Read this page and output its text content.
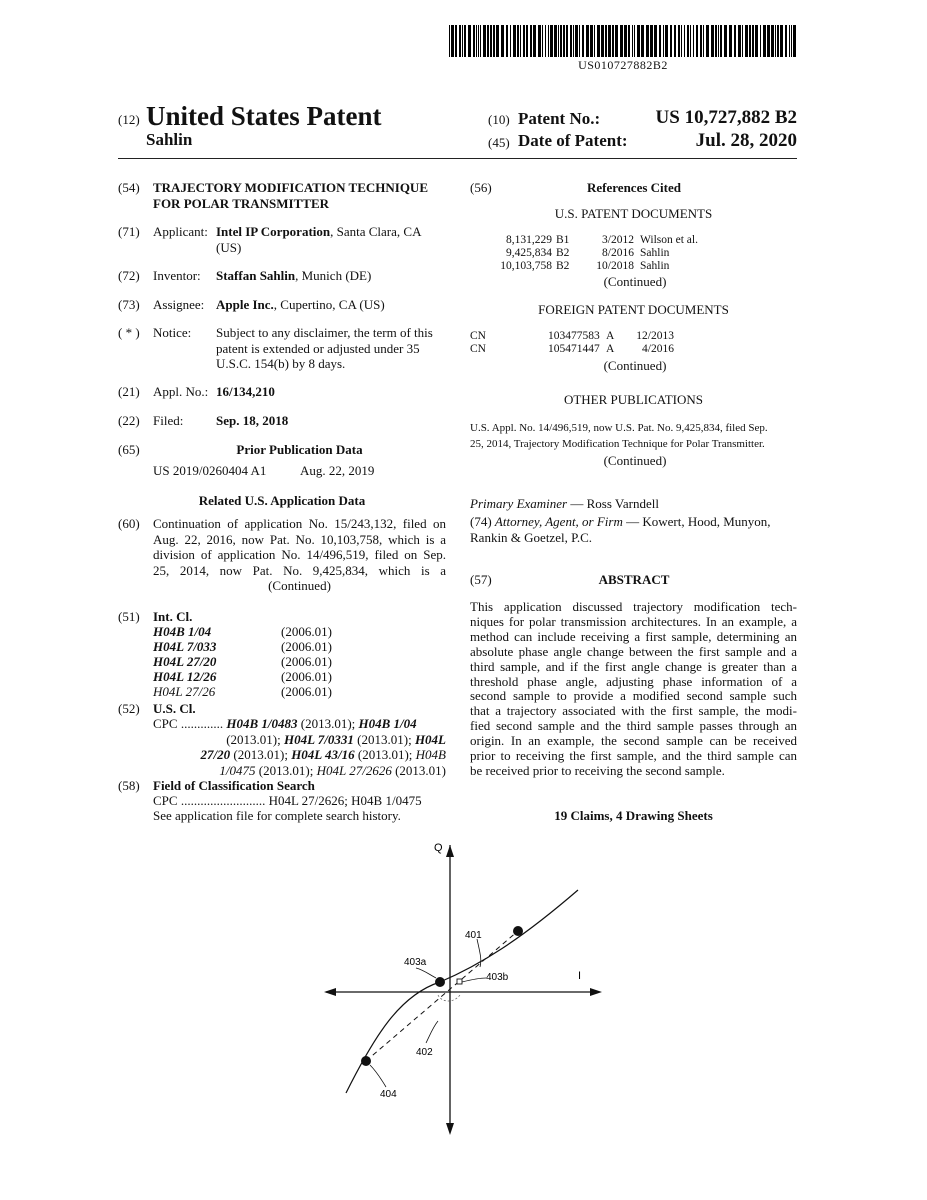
US010727882B2
(12) United States Patent
Sahlin
(10) Patent No.:	US 10,727,882 B2
(45) Date of Patent:	Jul. 28, 2020
(54)	TRAJECTORY MODIFICATION TECHNIQUE
FOR POLAR TRANSMITTER
(71)	Applicant: Intel IP Corporation, Santa Clara, CA
(US)
(72)	Inventor: Staffan Sahlin, Munich (DE)
(73)	Assignee: Apple Inc., Cupertino, CA (US)
( * )	Notice: Subject to any disclaimer, the term of this
patent is extended or adjusted under 35
U.S.C. 154(b) by 8 days.
(21)	Appl. No.: 16/134,210
(22)	Filed:	Sep. 18, 2018
(65)	Prior Publication Data
US 2019/0260404 A1	Aug. 22, 2019
Related U.S. Application Data
(60)	Continuation of application No. 15/243,132, filed on
Aug. 22, 2016, now Pat. No. 10,103,758, which is a
division of application No. 14/496,519, filed on Sep.
25, 2014, now Pat. No. 9,425,834, which is a
(Continued)
(51)	Int. Cl.
H04B 1/04	(2006.01)
H04L 7/033	(2006.01)
H04L 27/20	(2006.01)
H04L 12/26	(2006.01)
H04L 27/26	(2006.01)
(52)	U.S. Cl.
CPC ............. H04B 1/0483 (2013.01); H04B 1/04
(2013.01); H04L 7/0331 (2013.01); H04L
27/20 (2013.01); H04L 43/16 (2013.01); H04B
1/0475 (2013.01); H04L 27/2626 (2013.01)
(58)	Field of Classification Search
CPC .......................... H04L 27/2626; H04B 1/0475
See application file for complete search history.
(56)	References Cited
U.S. PATENT DOCUMENTS
8,131,229	B1	3/2012	Wilson et al.
9,425,834	B2	8/2016	Sahlin
10,103,758	B2	10/2018	Sahlin
(Continued)
FOREIGN PATENT DOCUMENTS
CN	103477583	A	12/2013
CN	105471447	A	4/2016
(Continued)
OTHER PUBLICATIONS
U.S. Appl. No. 14/496,519, now U.S. Pat. No. 9,425,834, filed Sep.
25, 2014, Trajectory Modification Technique for Polar Transmitter.
(Continued)
Primary Examiner — Ross Varndell
(74) Attorney, Agent, or Firm — Kowert, Hood, Munyon,
Rankin & Goetzel, P.C.
(57)	ABSTRACT
This application discussed trajectory modification tech-
niques for polar transmission architectures. In an example, a
method can include receiving a first sample, determining an
absolute phase angle change between the first sample and a
third sample, and if the first angle change is greater than a
threshold phase angle, adjusting phase information of a
second sample to provide a modified second sample such
that a trajectory associated with the first sample, the modi-
fied second sample and the third sample passes through an
origin. In an example, the second sample can be received
prior to receiving the first sample, and the third sample can
be received prior to receiving the second sample.
19 Claims, 4 Drawing Sheets
Q
I
401
403a
403b
402
404
